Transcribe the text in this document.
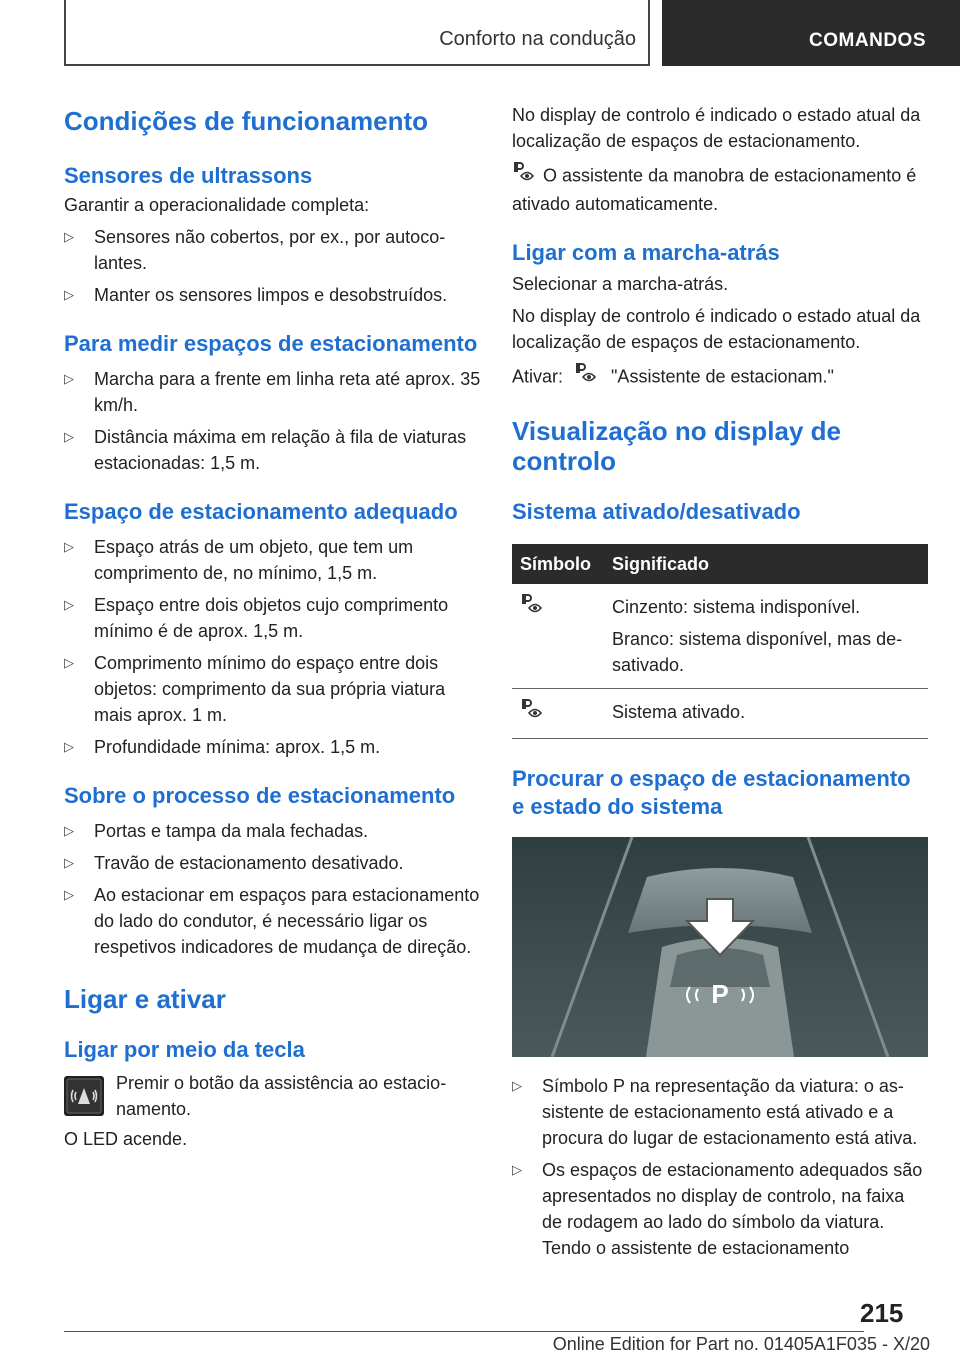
Conforto na condução	COMANDOS
Condições de funcionamento
Sensores de ultrassons

Garantir a operacionalidade completa:

▷ Sensores não cobertos, por ex., por autocolantes.
▷ Manter os sensores limpos e desobstruídos.
Para medir espaços de estacionamento
▷ Marcha para a frente em linha reta até aprox. 35 km/h.
▷ Distância máxima em relação à fila de viaturas estacionadas: 1,5 m.
Espaço de estacionamento adequado
▷ Espaço atrás de um objeto, que tem um comprimento de, no mínimo, 1,5 m.
▷ Espaço entre dois objetos cujo comprimento mínimo é de aprox. 1,5 m.
▷ Comprimento mínimo do espaço entre dois objetos: comprimento da sua própria viatura mais aprox. 1 m.
▷ Profundidade mínima: aprox. 1,5 m.
Sobre o processo de estacionamento
▷ Portas e tampa da mala fechadas.
▷ Travão de estacionamento desativado.
▷ Ao estacionar em espaços para estacionamento do lado do condutor, é necessário ligar os respetivos indicadores de mudança de direção.
Ligar e ativar
Ligar por meio da tecla

Premir o botão da assistência ao estacionamento.

O LED acende.

No display de controlo é indicado o estado atual da localização de espaços de estacionamento.

O assistente da manobra de estacionamento é ativado automaticamente.

Ligar com a marcha-atrás

Selecionar a marcha-atrás.

No display de controlo é indicado o estado atual da localização de espaços de estacionamento.

Ativar:	"Assistente de estacionam."

Visualização no display de controlo
Sistema ativado/desativado
Símbolo	Significado

Cinzento: sistema indisponível.

Branco: sistema disponível, mas desativado.

	Sistema ativado.
Procurar o espaço de estacionamento e estado do sistema
P
▷ Símbolo P na representação da viatura: o assistente de estacionamento está ativado e a procura do lugar de estacionamento está ativa.
▷ Os espaços de estacionamento adequados são apresentados no display de controlo, na faixa de rodagem ao lado do símbolo da viatura. Tendo o assistente de estacionamento
215
Online Edition for Part no. 01405A1F035 - X/20
